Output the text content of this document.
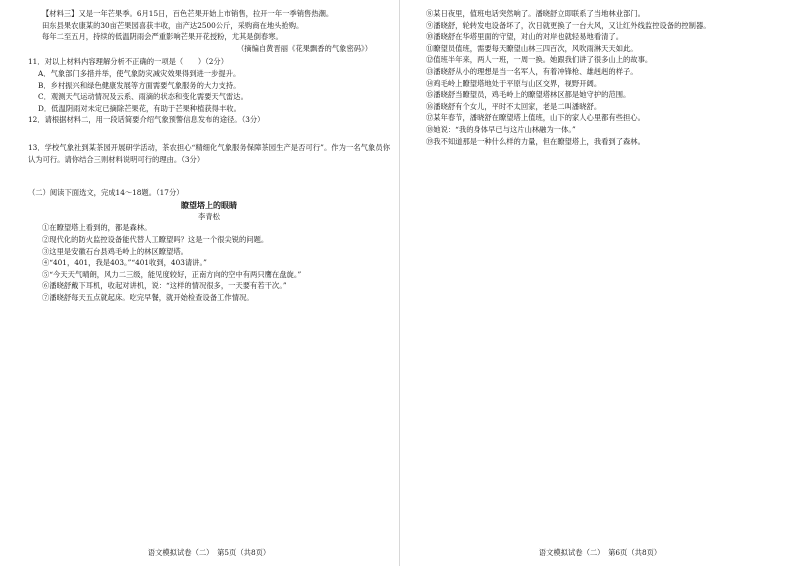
【材料三】又是一年芒果季。6月15日，百色芒果开始上市销售，拉开一年一季销售热潮。

田东县果农康某的30亩芒果园喜获丰收，亩产达2500公斤，采购商在地头抢购。

每年二至五月，持续的低温阴雨会严重影响芒果开花授粉，尤其是倒春寒。

（摘编自黄晋丽《花果飘香的气象密码》）

11．对以上材料内容理解分析不正确的一项是（　　）（2分）

A．气象部门多措并举，使气象防灾减灾效果得到进一步提升。

B．乡村振兴和绿色健康发展等方面需要气象服务的大力支持。

C．观测天气运动情况及云系、雨滴的状态和变化需要天气雷达。

D．低温阴雨对未定已摘除芒果花，有助于芒果种植获得丰收。

12．请根据材料二，用一段话简要介绍气象预警信息发布的途径。（3分）

13．学校气象社到某茶园开展研学活动，茶农担心“精细化气象服务保障茶园生产是否可行”。作为一名气象员你认为可行。请你结合三则材料说明可行的理由。（3分）

（二）阅读下面选文，完成14～18题。（17分）

瞭望塔上的眼睛

李青松

①在瞭望塔上看到的，都是森林。

②现代化的防火监控设备能代替人工瞭望吗？这是一个很尖锐的问题。

③这里是安徽石台县鸡毛岭上的林区瞭望塔。

④“401，401，我是403。”“401收到，403请讲。”

⑤“今天天气晴朗，风力二三级，能见度较好，正南方向的空中有两只鹰在盘旋。”

⑥潘晓舒戴下耳机，收起对讲机，说：“这样的情况很多，一天要有若干次。”

⑦潘晓舒每天五点就起床。吃完早餐，就开始检查设备工作情况。

语文模拟试卷（二）　第5页（共8页）

⑧某日夜里，值班电话突然响了。潘晓舒立即联系了当地林业部门。

⑨潘晓舒，轮转发电设备坏了，次日就更换了一台大风，又让红外线监控设备的控制器。

⑩潘晓舒在华塔里面的守望，对山的对岸也就轻易地看清了。

⑪瞭望员值班，需要每天瞭望山林三四百次，风吹雨淋天天如此。

⑫值班半年来，两人一班，一周一换。她跟我们讲了很多山上的故事。

⑬潘晓舒从小的理想是当一名军人，有着冲锋枪、雄赳赳的样子。

⑭鸡毛岭上瞭望塔地处于平原与山区交界，视野开阔。

⑮潘晓舒当瞭望员，鸡毛岭上的瞭望塔林区都是她守护的范围。

⑯潘晓舒有个女儿，平时不太回家，老是二叫潘晓舒。

⑰某年春节，潘晓舒在瞭望塔上值班，山下的家人心里都有些担心。

⑱她说：“我的身体早已与这片山林融为一体。”

⑲我不知道那是一种什么样的力量，但在瞭望塔上，我看到了森林。

语文模拟试卷（二）　第6页（共8页）
